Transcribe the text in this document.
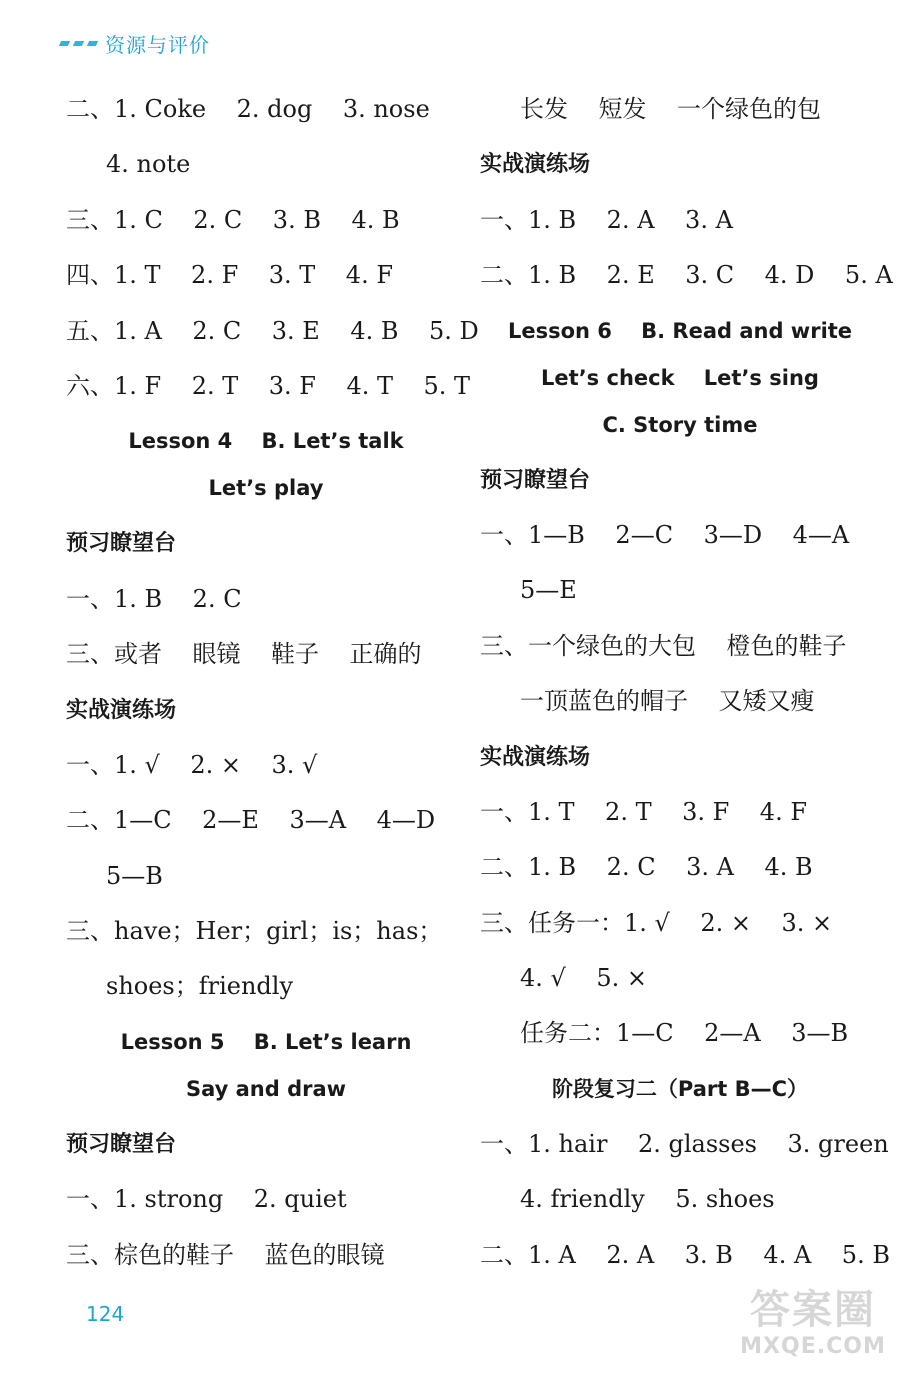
资源与评价
二、1. Coke    2. dog    3. nose
4. note
三、1. C    2. C    3. B    4. B
四、1. T    2. F    3. T    4. F
五、1. A    2. C    3. E    4. B    5. D
六、1. F    2. T    3. F    4. T    5. T
Lesson 4    B. Let’s talk
Let’s play
预习瞭望台
一、1. B    2. C
三、或者    眼镜    鞋子    正确的
实战演练场
一、1. √    2. ×    3. √
二、1—C    2—E    3—A    4—D
5—B
三、have；Her；girl；is；has；
shoes；friendly
Lesson 5    B. Let’s learn
Say and draw
预习瞭望台
一、1. strong    2. quiet
三、棕色的鞋子    蓝色的眼镜
长发    短发    一个绿色的包
实战演练场
一、1. B    2. A    3. A
二、1. B    2. E    3. C    4. D    5. A
Lesson 6    B. Read and write
Let’s check    Let’s sing
C. Story time
预习瞭望台
一、1—B    2—C    3—D    4—A
5—E
三、一个绿色的大包    橙色的鞋子
一顶蓝色的帽子    又矮又瘦
实战演练场
一、1. T    2. T    3. F    4. F
二、1. B    2. C    3. A    4. B
三、任务一：1. √    2. ×    3. ×
4. √    5. ×
任务二：1—C    2—A    3—B
阶段复习二（Part B—C）
一、1. hair    2. glasses    3. green
4. friendly    5. shoes
二、1. A    2. A    3. B    4. A    5. B
124	答案圈
MXQE.COM
